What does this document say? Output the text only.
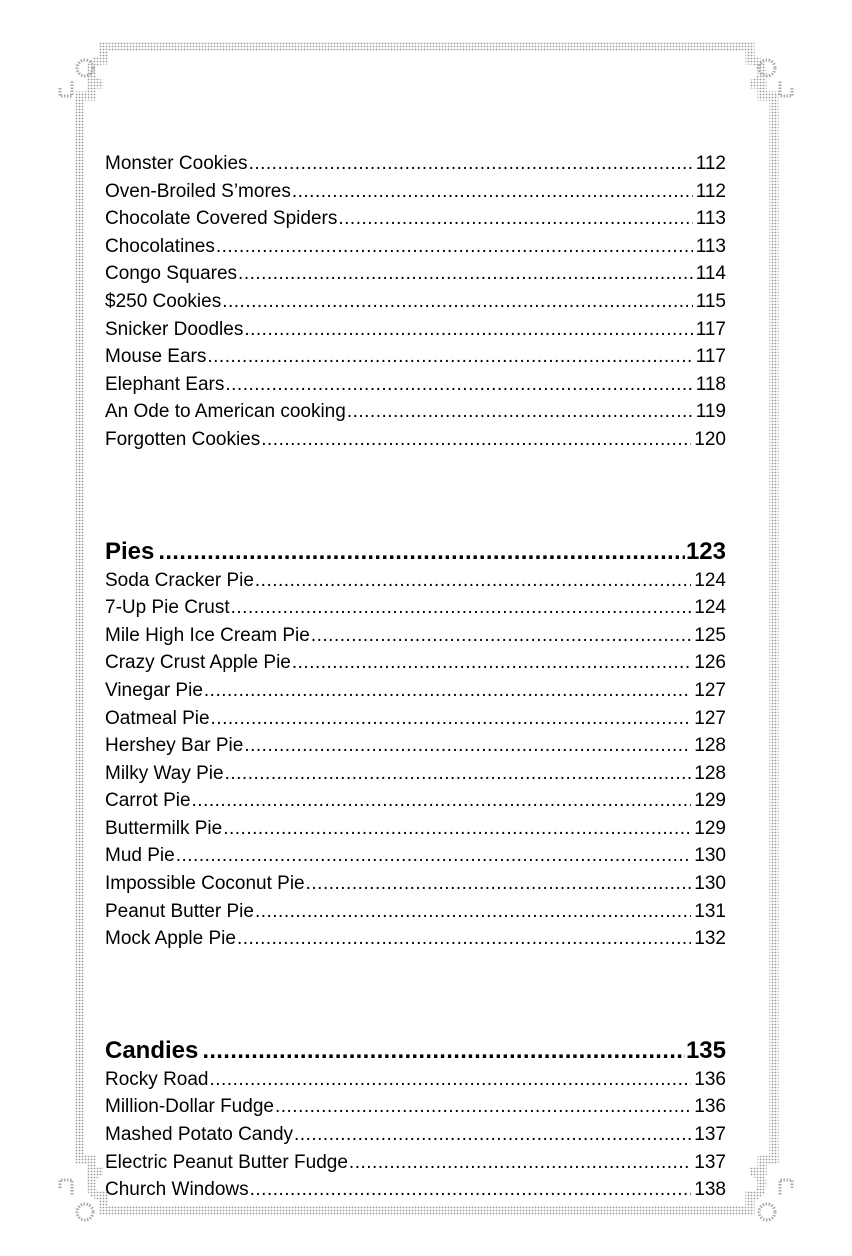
Monster Cookies .....	112
Oven-Broiled S’mores .....	112
Chocolate Covered Spiders .....	113
Chocolatines .....	113
Congo Squares .....	114
$250 Cookies .....	115
Snicker Doodles .....	117
Mouse Ears .....	117
Elephant Ears .....	118
An Ode to American cooking .....	119
Forgotten Cookies .....	120
Pies .....	123
Soda Cracker Pie .....	124
7-Up Pie Crust .....	124
Mile High Ice Cream Pie .....	125
Crazy Crust Apple Pie .....	126
Vinegar Pie .....	127
Oatmeal Pie .....	127
Hershey Bar Pie .....	128
Milky Way Pie .....	128
Carrot Pie .....	129
Buttermilk Pie .....	129
Mud Pie .....	130
Impossible Coconut Pie .....	130
Peanut Butter Pie .....	131
Mock Apple Pie .....	132
Candies .....	135
Rocky Road .....	136
Million-Dollar Fudge .....	136
Mashed Potato Candy .....	137
Electric Peanut Butter Fudge .....	137
Church Windows .....	138
